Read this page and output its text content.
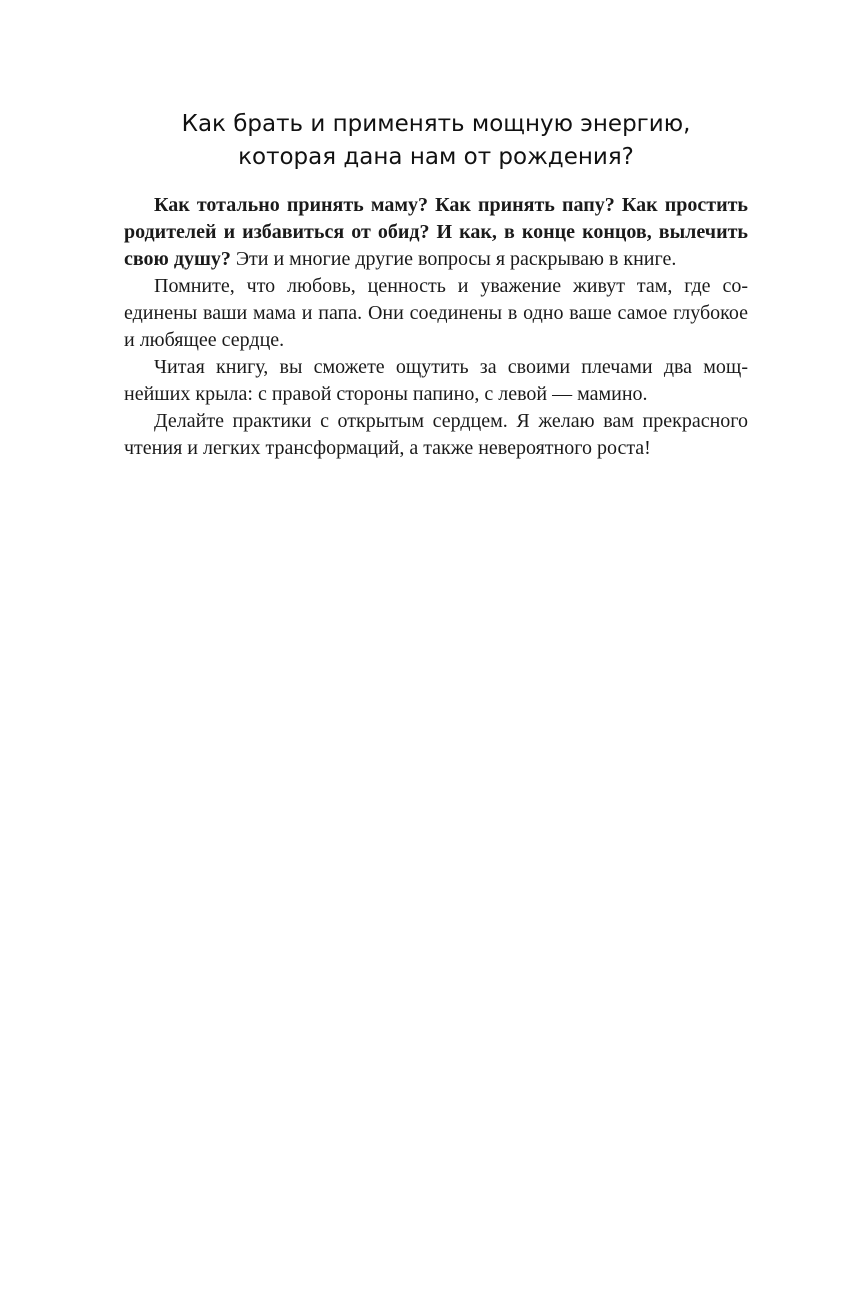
Как брать и применять мощную энергию,
которая дана нам от рождения?

Как тотально принять маму? Как принять папу? Как простить родителей и избавиться от обид? И как, в конце концов, вылечить свою душу? Эти и многие другие вопросы я раскрываю в книге.

Помните, что любовь, ценность и уважение живут там, где соединены ваши мама и папа. Они соединены в одно ваше самое глубокое и любящее сердце.

Читая книгу, вы сможете ощутить за своими плечами два мощнейших крыла: с правой стороны папино, с левой — мамино.

Делайте практики с открытым сердцем. Я желаю вам прекрасного чтения и легких трансформаций, а также невероятного роста!
